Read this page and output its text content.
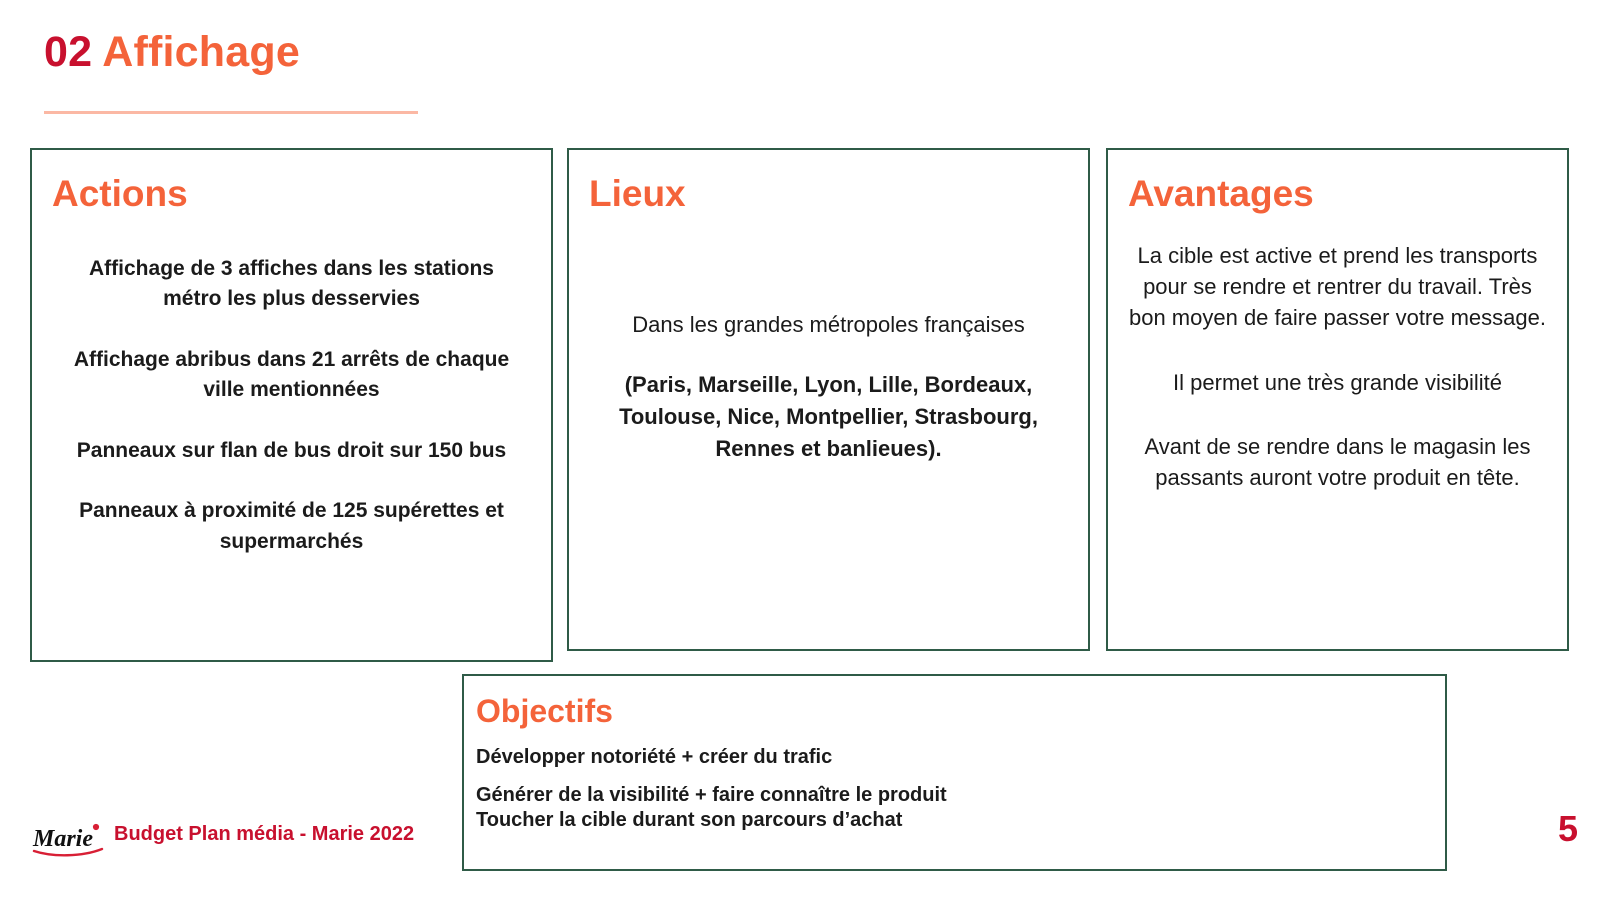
02 Affichage
Actions
Affichage de 3 affiches dans les stations métro les plus desservies
Affichage abribus dans 21 arrêts de chaque ville mentionnées
Panneaux sur flan de bus droit sur 150 bus
Panneaux à proximité de 125 supérettes et supermarchés
Lieux
Dans les grandes métropoles françaises
(Paris, Marseille, Lyon, Lille, Bordeaux, Toulouse, Nice, Montpellier, Strasbourg, Rennes et banlieues).
Avantages
La cible est active et prend les transports pour se rendre et rentrer du travail. Très bon moyen de faire passer votre message.
Il permet une très grande visibilité
Avant de se rendre dans le magasin les passants auront votre produit en tête.
Objectifs
Développer notoriété + créer du trafic
Générer de la visibilité + faire connaître le produit
Toucher la cible durant son parcours d’achat
Marie Budget Plan média - Marie 2022	5
